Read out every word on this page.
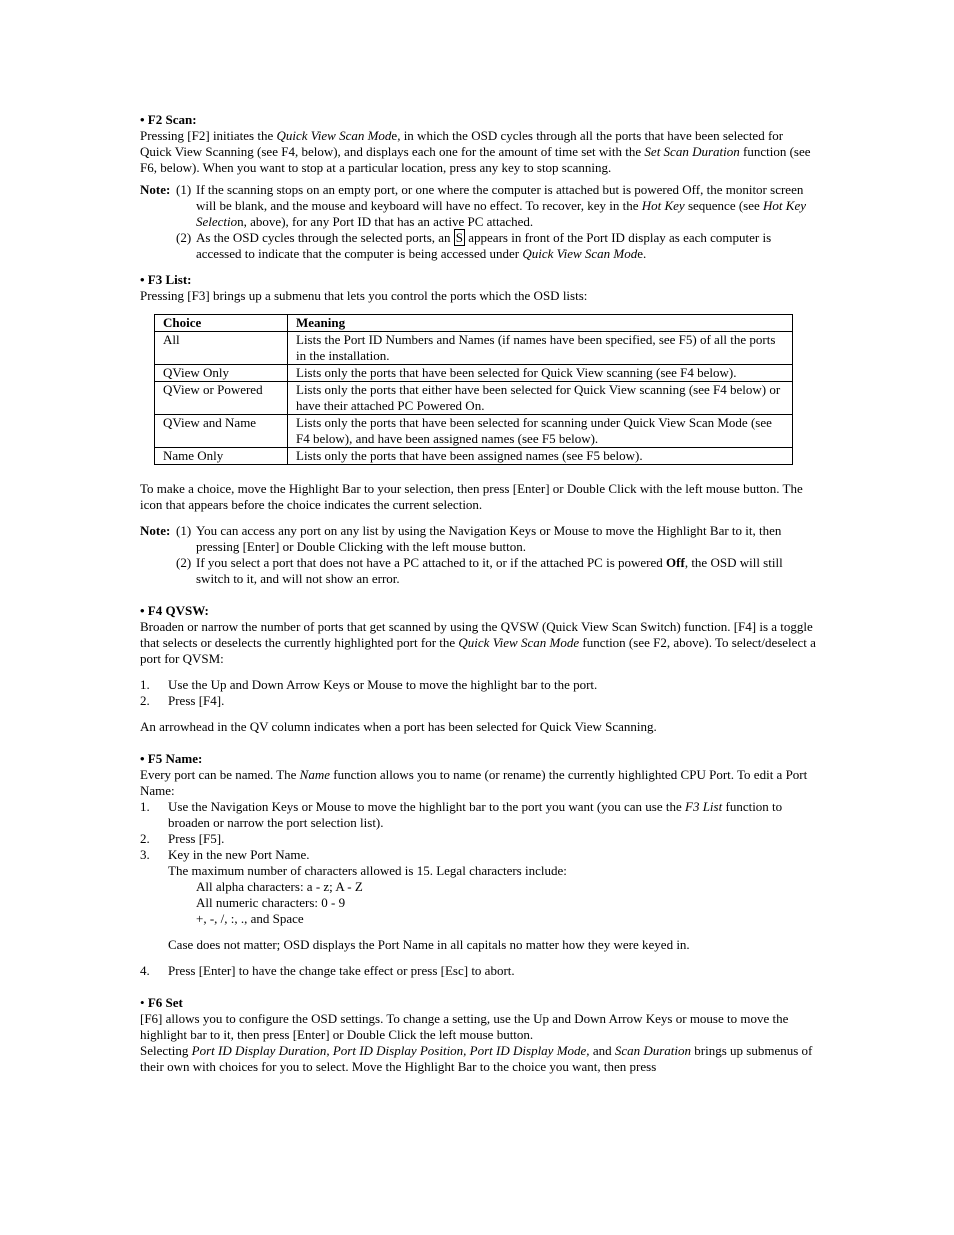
• F2 Scan:

Pressing [F2] initiates the Quick View Scan Mode, in which the OSD cycles through all the ports that have been selected for Quick View Scanning (see F4, below), and displays each one for the amount of time set with the Set Scan Duration function (see F6, below). When you want to stop at a particular location, press any key to stop scanning.

Note: (1) If the scanning stops on an empty port, or one where the computer is attached but is powered Off, the monitor screen will be blank, and the mouse and keyboard will have no effect. To recover, key in the Hot Key sequence (see Hot Key Selection, above), for any Port ID that has an active PC attached.
(2) As the OSD cycles through the selected ports, an S appears in front of the Port ID display as each computer is accessed to indicate that the computer is being accessed under Quick View Scan Mode.

• F3 List:

Pressing [F3] brings up a submenu that lets you control the ports which the OSD lists:

Choice	Meaning
All	Lists the Port ID Numbers and Names (if names have been specified, see F5) of all the ports in the installation.
QView Only	Lists only the ports that have been selected for Quick View scanning (see F4 below).
QView or Powered	Lists only the ports that either have been selected for Quick View scanning (see F4 below) or have their attached PC Powered On.
QView and Name	Lists only the ports that have been selected for scanning under Quick View Scan Mode (see F4 below), and have been assigned names (see F5 below).
Name Only	Lists only the ports that have been assigned names (see F5 below).

To make a choice, move the Highlight Bar to your selection, then press [Enter] or Double Click with the left mouse button. The icon that appears before the choice indicates the current selection.

Note: (1) You can access any port on any list by using the Navigation Keys or Mouse to move the Highlight Bar to it, then pressing [Enter] or Double Clicking with the left mouse button.
(2) If you select a port that does not have a PC attached to it, or if the attached PC is powered Off, the OSD will still switch to it, and will not show an error.

• F4 QVSW:

Broaden or narrow the number of ports that get scanned by using the QVSW (Quick View Scan Switch) function. [F4] is a toggle that selects or deselects the currently highlighted port for the Quick View Scan Mode function (see F2, above). To select/deselect a port for QVSM:

1.	Use the Up and Down Arrow Keys or Mouse to move the highlight bar to the port.
2.	Press [F4].

An arrowhead in the QV column indicates when a port has been selected for Quick View Scanning.

• F5 Name:

Every port can be named. The Name function allows you to name (or rename) the currently highlighted CPU Port. To edit a Port Name:

1.	Use the Navigation Keys or Mouse to move the highlight bar to the port you want (you can use the F3 List function to broaden or narrow the port selection list).
2.	Press [F5].
3.	Key in the new Port Name.

The maximum number of characters allowed is 15. Legal characters include:

All alpha characters: a - z; A - Z

All numeric characters: 0 - 9

+, -, /, :, ., and Space

Case does not matter; OSD displays the Port Name in all capitals no matter how they were keyed in.

4.	Press [Enter] to have the change take effect or press [Esc] to abort.

• F6 Set

[F6] allows you to configure the OSD settings. To change a setting, use the Up and Down Arrow Keys or mouse to move the highlight bar to it, then press [Enter] or Double Click the left mouse button.

Selecting Port ID Display Duration, Port ID Display Position, Port ID Display Mode, and Scan Duration brings up submenus of their own with choices for you to select. Move the Highlight Bar to the choice you want, then press
